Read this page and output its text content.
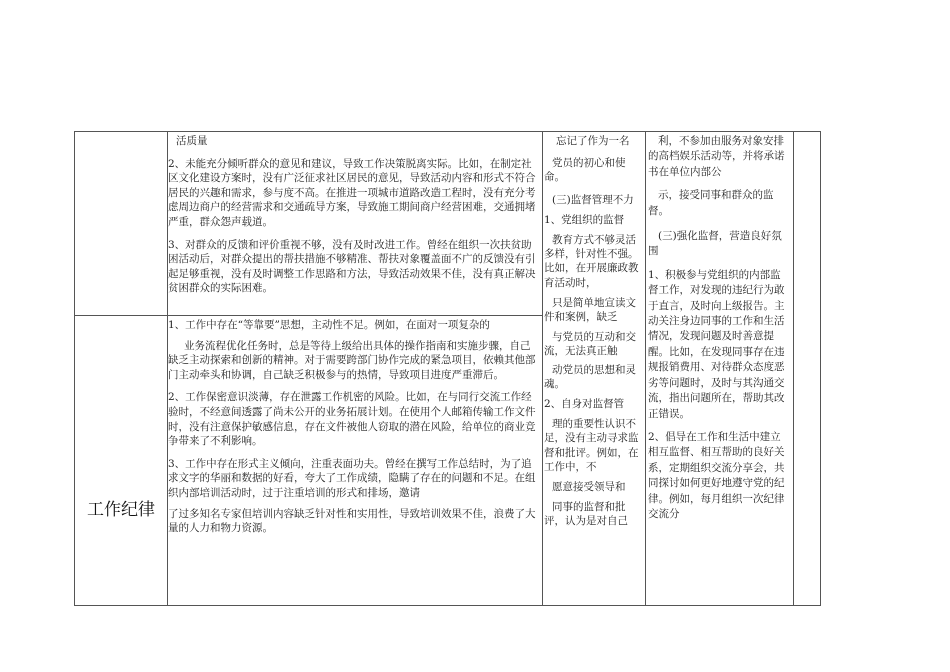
工作纪律

活质量

2、未能充分倾听群众的意见和建议，导致工作决策脱离实际。比如，在制定社区文化建设方案时，没有广泛征求社区居民的意见，导致活动内容和形式不符合居民的兴趣和需求，参与度不高。在推进一项城市道路改造工程时，没有充分考虑周边商户的经营需求和交通疏导方案，导致施工期间商户经营困难，交通拥堵严重，群众怨声载道。

3、对群众的反馈和评价重视不够，没有及时改进工作。曾经在组织一次扶贫助困活动后，对群众提出的帮扶措施不够精准、帮扶对象覆盖面不广的反馈没有引起足够重视，没有及时调整工作思路和方法，导致活动效果不佳，没有真正解决贫困群众的实际困难。

1、工作中存在“等靠要”思想，主动性不足。例如，在面对一项复杂的

业务流程优化任务时，总是等待上级给出具体的操作指南和实施步骤，自己缺乏主动探索和创新的精神。对于需要跨部门协作完成的紧急项目，依赖其他部门主动牵头和协调，自己缺乏积极参与的热情，导致项目进度严重滞后。

2、工作保密意识淡薄，存在泄露工作机密的风险。比如，在与同行交流工作经验时，不经意间透露了尚未公开的业务拓展计划。在使用个人邮箱传输工作文件时，没有注意保护敏感信息，存在文件被他人窃取的潜在风险，给单位的商业竞争带来了不利影响。

3、工作中存在形式主义倾向，注重表面功夫。曾经在撰写工作总结时，为了追求文字的华丽和数据的好看，夸大了工作成绩，隐瞒了存在的问题和不足。在组织内部培训活动时，过于注重培训的形式和排场，邀请

了过多知名专家但培训内容缺乏针对性和实用性，导致培训效果不佳，浪费了大量的人力和物力资源。

忘记了作为一名

党员的初心和使命。

(三)监督管理不力

1、党组织的监督

教育方式不够灵活多样，针对性不强。比如，在开展廉政教育活动时，

只是简单地宣读文件和案例，缺乏

与党员的互动和交流，无法真正触

动党员的思想和灵魂。

2、自身对监督管

理的重要性认识不足，没有主动寻求监督和批评。例如，在工作中，不

愿意接受领导和

同事的监督和批评，认为是对自己

利，不参加由服务对象安排的高档娱乐活动等，并将承诺书在单位内部公

示，接受同事和群众的监督。

(三)强化监督，营造良好氛围

1、积极参与党组织的内部监督工作，对发现的违纪行为敢于直言，及时向上级报告。主动关注身边同事的工作和生活情况，发现问题及时善意提醒。比如，在发现同事存在违规报销费用、对待群众态度恶劣等问题时，及时与其沟通交流，指出问题所在，帮助其改正错误。

2、倡导在工作和生活中建立相互监督、相互帮助的良好关系，定期组织交流分享会，共同探讨如何更好地遵守党的纪律。例如，每月组织一次纪律交流分
